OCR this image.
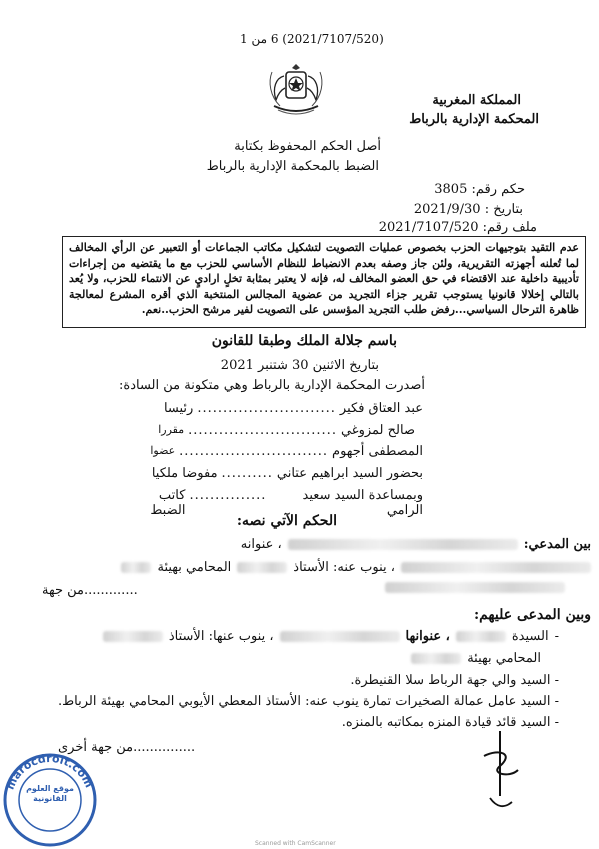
(2021/7107/520) 6 من 1
المملكة المغربية
المحكمة الإدارية بالرباط
أصل الحكم المحفوظ بكتابة
الضبط بالمحكمة الإدارية بالرباط
حكم رقم: 3805
بتاريخ : 2021/9/30
ملف رقم: 2021/7107/520

عدم التقيد بتوجيهات الحزب بخصوص عمليات التصويت لتشكيل مكاتب الجماعات أو التعبير عن الرأي المخالف لما تُعلنه أجهزته التقريرية، ولئن جاز وصفه بعدم الانضباط للنظام الأساسي للحزب مع ما يقتضيه من إجراءات تأديبية داخلية عند الاقتضاء في حق العضو المخالف له، فإنه لا يعتبر بمثابة تخلٍ اراديٍ عن الانتماء للحزب، ولا يُعد بالتالي إخلالا قانونيا يستوجب تقرير جزاء التجريد من عضوية المجالس المنتخبة الذي أقره المشرع لمعالجة ظاهرة الترحال السياسي...رفض طلب التجريد المؤسس على التصويت لفير مرشح الحزب..نعم.

باسم جلالة الملك وطبقا للقانون
بتاريخ الاثنين 30 شتنبر 2021
أصدرت المحكمة الإدارية بالرباط وهي متكونة من السادة:
عبد العتاق فكير
...........................
رئيسا
صالح لمزوغي
.............................
مقررا
المصطفى أجهوم
.............................
عضوا
بحضور السيد ابراهيم عتاني
..........
مفوضا ملكيا
وبمساعدة السيد سعيد الرامي
...............
كاتب الضبط
الحكم الآتي نصه:
بين المدعي:
، عنوانه
، ينوب عنه: الأستاذ
المحامي بهيئة
.............من جهة
وبين المدعى عليهم:
-
السيدة
، عنوانها
، ينوب عنها: الأستاذ
المحامي بهيئة
- السيد والي جهة الرباط سلا القنيطرة.
- السيد عامل عمالة الصخيرات تمارة ينوب عنه: الأستاذ المعطي الأيوبي المحامي بهيئة الرباط.
- السيد قائد قيادة المنزه بمكاتبه بالمنزه.
...............من جهة أخرى
marocdroit.com
موقع العلوم القانونية
Scanned with CamScanner
